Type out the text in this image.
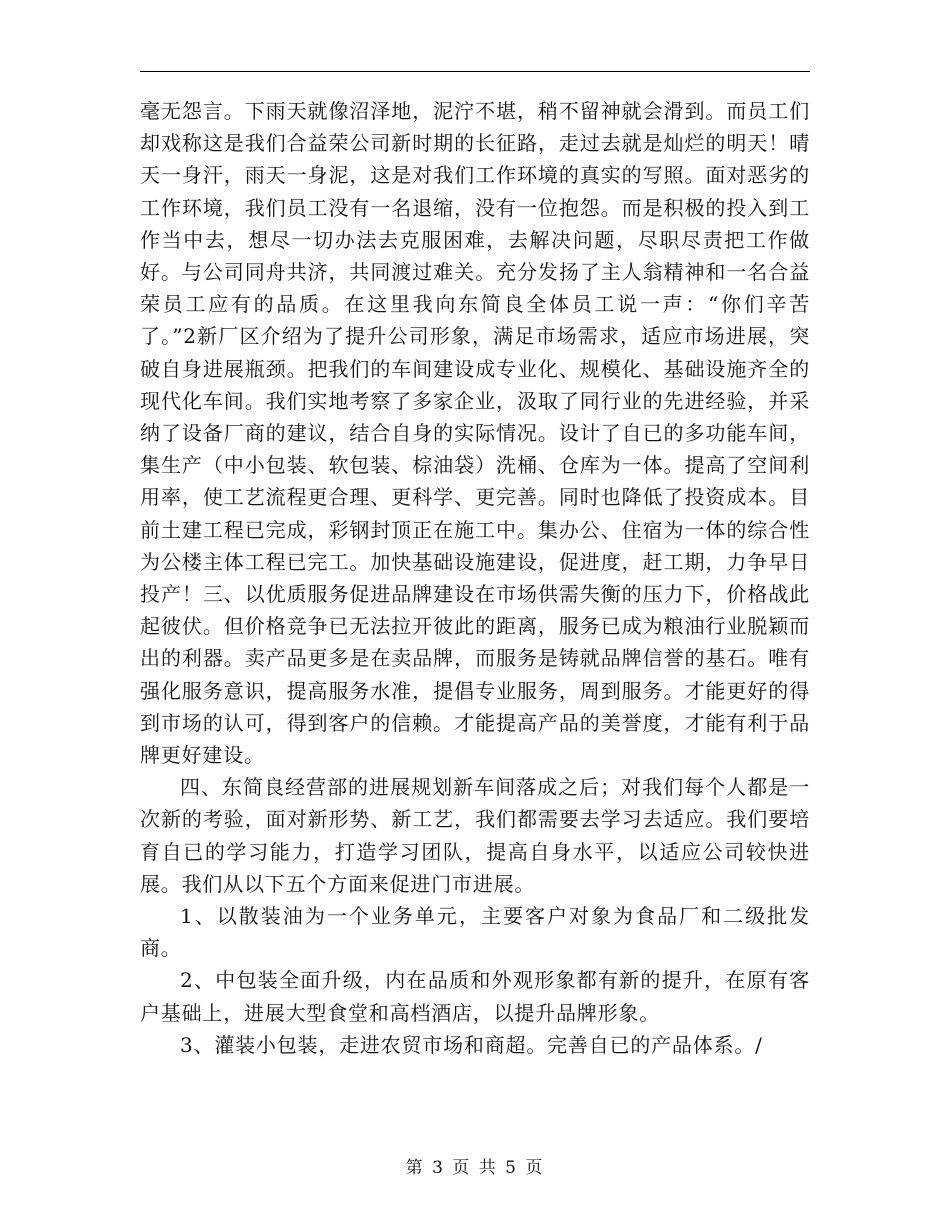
毫无怨言。下雨天就像沼泽地，泥泞不堪，稍不留神就会滑到。而员工们却戏称这是我们合益荣公司新时期的长征路，走过去就是灿烂的明天！晴天一身汗，雨天一身泥，这是对我们工作环境的真实的写照。面对恶劣的工作环境，我们员工没有一名退缩，没有一位抱怨。而是积极的投入到工作当中去，想尽一切办法去克服困难，去解决问题，尽职尽责把工作做好。与公司同舟共济，共同渡过难关。充分发扬了主人翁精神和一名合益荣员工应有的品质。在这里我向东简良全体员工说一声：“你们辛苦了。”2新厂区介绍为了提升公司形象，满足市场需求，适应市场进展，突破自身进展瓶颈。把我们的车间建设成专业化、规模化、基础设施齐全的现代化车间。我们实地考察了多家企业，汲取了同行业的先进经验，并采纳了设备厂商的建议，结合自身的实际情况。设计了自已的多功能车间，集生产（中小包装、软包装、棕油袋）洗桶、仓库为一体。提高了空间利用率，使工艺流程更合理、更科学、更完善。同时也降低了投资成本。目前土建工程已完成，彩钢封顶正在施工中。集办公、住宿为一体的综合性为公楼主体工程已完工。加快基础设施建设，促进度，赶工期，力争早日投产！三、以优质服务促进品牌建设在市场供需失衡的压力下，价格战此起彼伏。但价格竞争已无法拉开彼此的距离，服务已成为粮油行业脱颖而出的利器。卖产品更多是在卖品牌，而服务是铸就品牌信誉的基石。唯有强化服务意识，提高服务水准，提倡专业服务，周到服务。才能更好的得到市场的认可，得到客户的信赖。才能提高产品的美誉度，才能有利于品牌更好建设。

四、东简良经营部的进展规划新车间落成之后；对我们每个人都是一次新的考验，面对新形势、新工艺，我们都需要去学习去适应。我们要培育自已的学习能力，打造学习团队，提高自身水平，以适应公司较快进展。我们从以下五个方面来促进门市进展。

1、以散装油为一个业务单元，主要客户对象为食品厂和二级批发商。

2、中包装全面升级，内在品质和外观形象都有新的提升，在原有客户基础上，进展大型食堂和高档酒店，以提升品牌形象。

3、灌装小包装，走进农贸市场和商超。完善自已的产品体系。/

第 3 页 共 5 页
